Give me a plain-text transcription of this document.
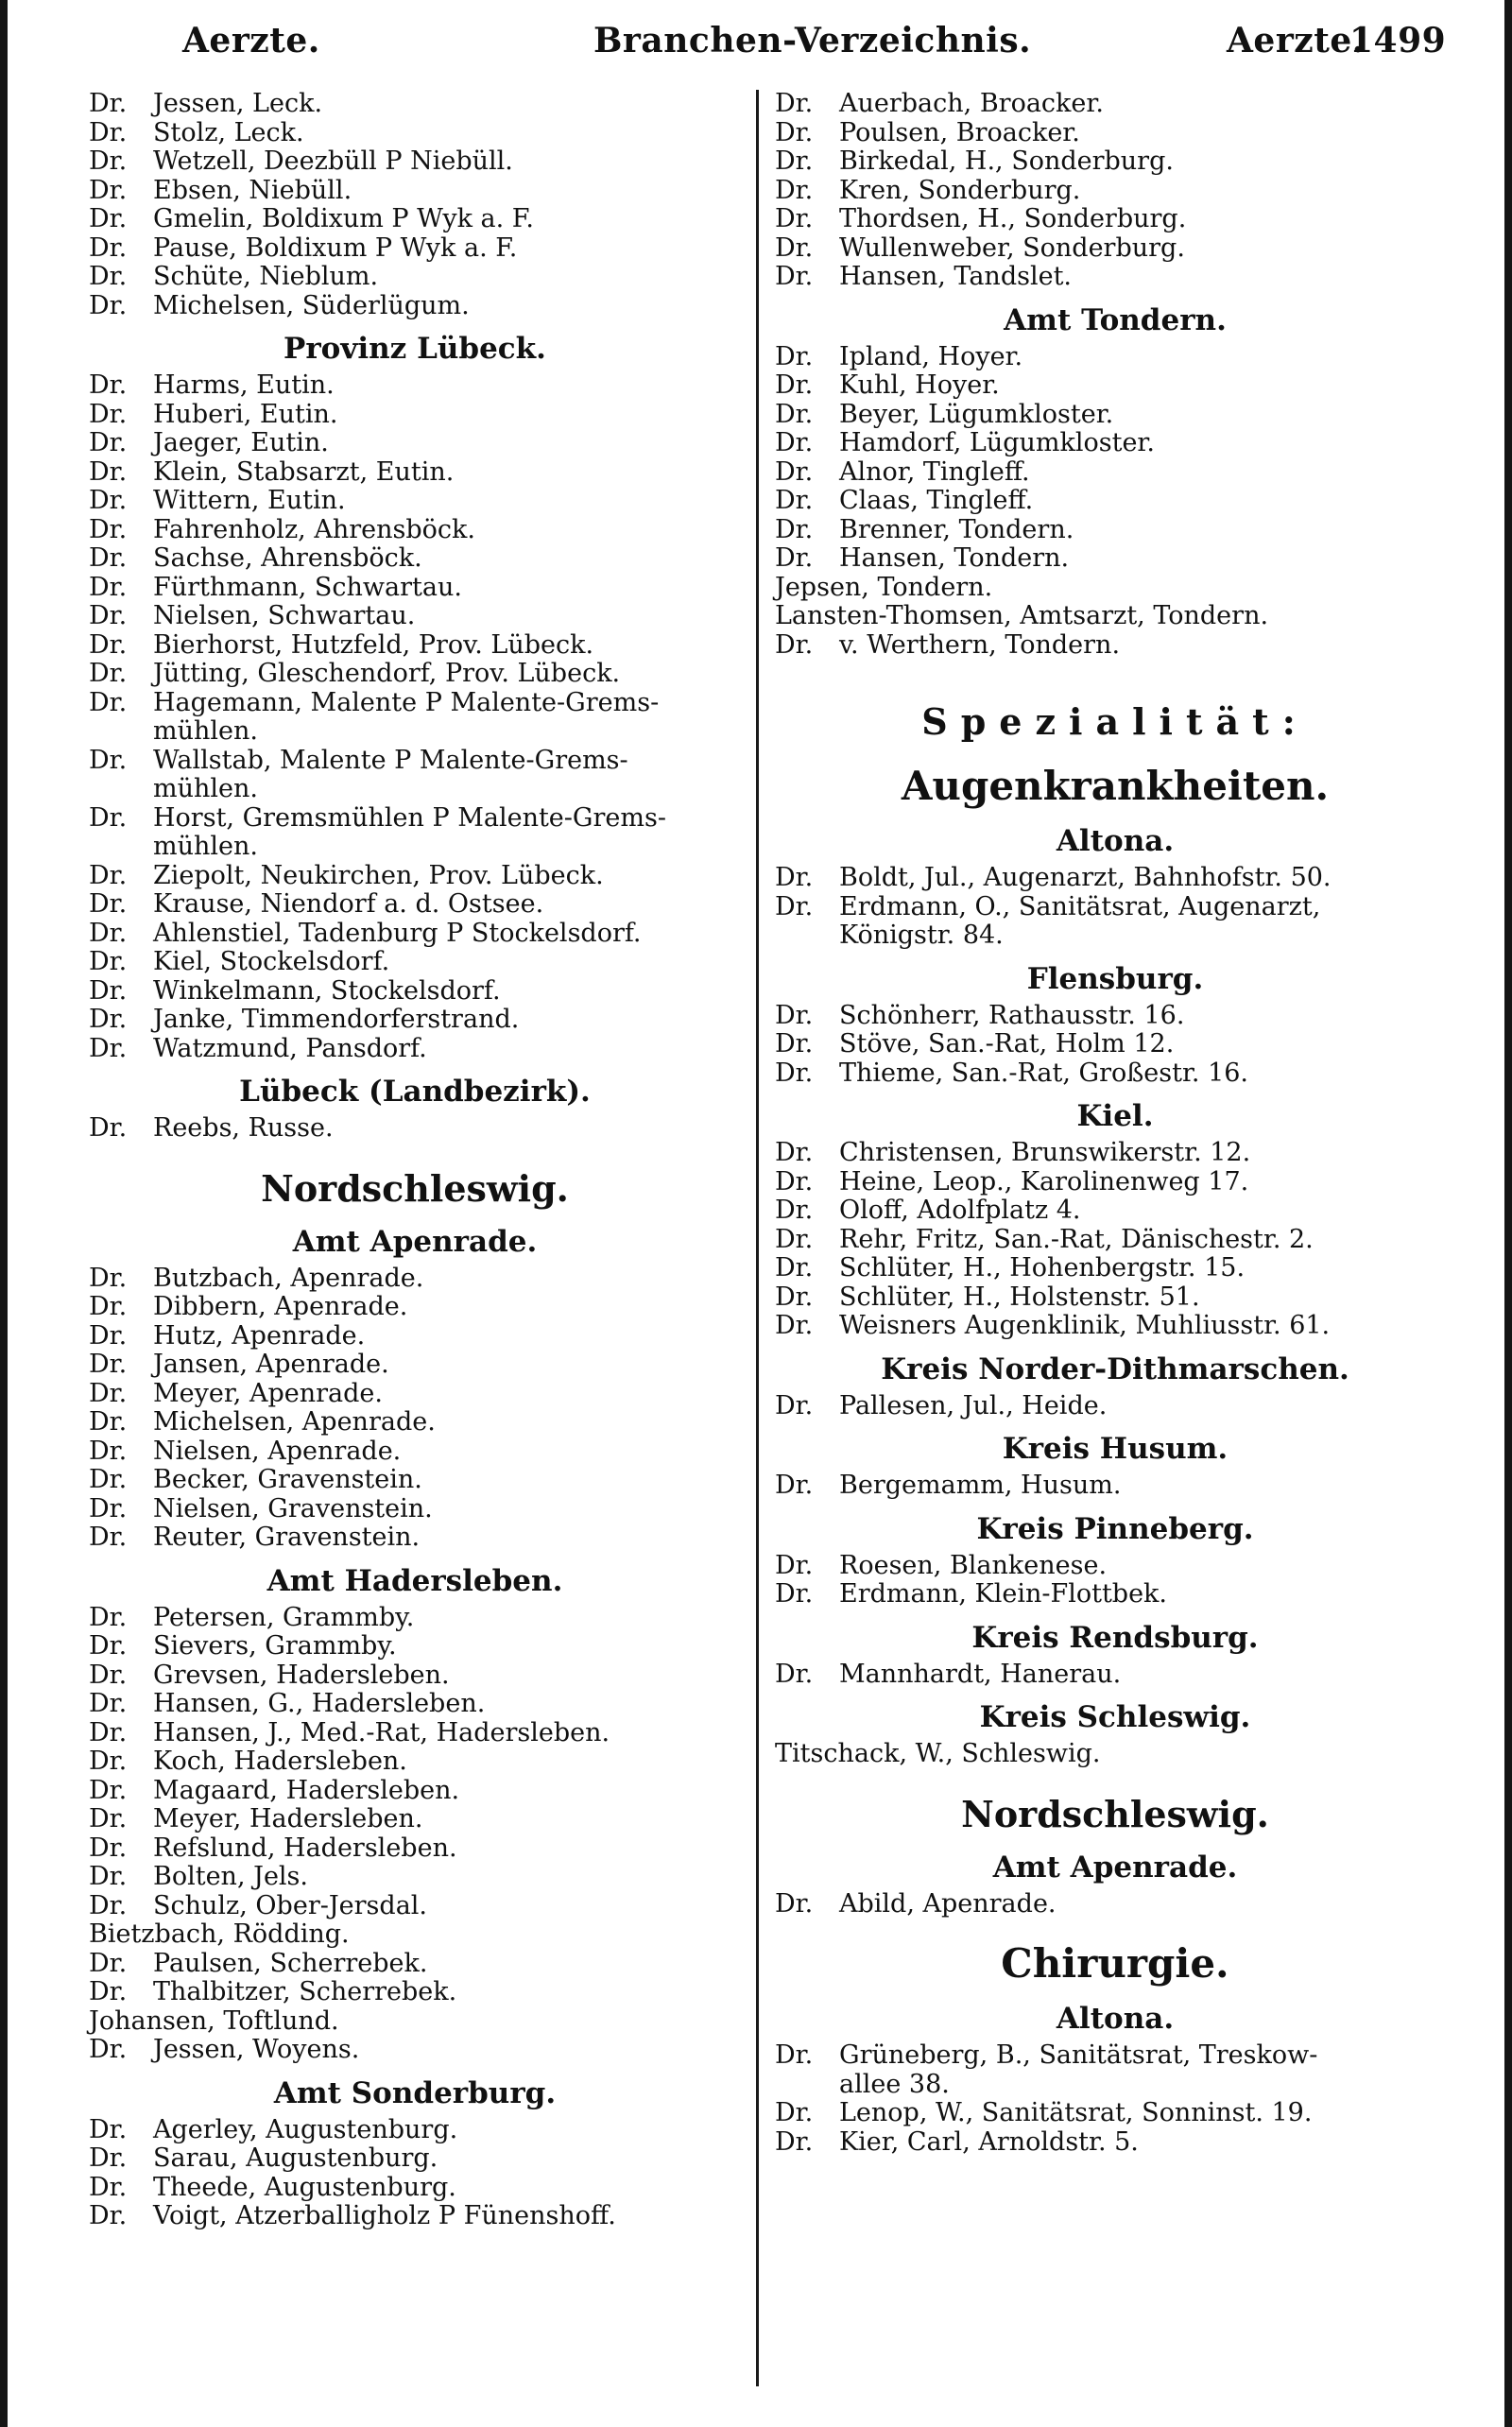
Aerzte.	Branchen-Verzeichnis.	Aerzte.
1499
Dr. Jessen, Leck.
Dr. Stolz, Leck.
Dr. Wetzell, Deezbüll P Niebüll.
Dr. Ebsen, Niebüll.
Dr. Gmelin, Boldixum P Wyk a. F.
Dr. Pause, Boldixum P Wyk a. F.
Dr. Schüte, Nieblum.
Dr. Michelsen, Süderlügum.
Provinz Lübeck.
Dr. Harms, Eutin.
Dr. Huberi, Eutin.
Dr. Jaeger, Eutin.
Dr. Klein, Stabsarzt, Eutin.
Dr. Wittern, Eutin.
Dr. Fahrenholz, Ahrensböck.
Dr. Sachse, Ahrensböck.
Dr. Fürthmann, Schwartau.
Dr. Nielsen, Schwartau.
Dr. Bierhorst, Hutzfeld, Prov. Lübeck.
Dr. Jütting, Gleschendorf, Prov. Lübeck.
Dr. Hagemann, Malente P Malente-Grems-
mühlen.
Dr. Wallstab, Malente P Malente-Grems-
mühlen.
Dr. Horst, Gremsmühlen P Malente-Grems-
mühlen.
Dr. Ziepolt, Neukirchen, Prov. Lübeck.
Dr. Krause, Niendorf a. d. Ostsee.
Dr. Ahlenstiel, Tadenburg P Stockelsdorf.
Dr. Kiel, Stockelsdorf.
Dr. Winkelmann, Stockelsdorf.
Dr. Janke, Timmendorferstrand.
Dr. Watzmund, Pansdorf.
Lübeck (Landbezirk).
Dr. Reebs, Russe.
Nordschleswig.
Amt Apenrade.
Dr. Butzbach, Apenrade.
Dr. Dibbern, Apenrade.
Dr. Hutz, Apenrade.
Dr. Jansen, Apenrade.
Dr. Meyer, Apenrade.
Dr. Michelsen, Apenrade.
Dr. Nielsen, Apenrade.
Dr. Becker, Gravenstein.
Dr. Nielsen, Gravenstein.
Dr. Reuter, Gravenstein.
Amt Hadersleben.
Dr. Petersen, Grammby.
Dr. Sievers, Grammby.
Dr. Grevsen, Hadersleben.
Dr. Hansen, G., Hadersleben.
Dr. Hansen, J., Med.-Rat, Hadersleben.
Dr. Koch, Hadersleben.
Dr. Magaard, Hadersleben.
Dr. Meyer, Hadersleben.
Dr. Refslund, Hadersleben.
Dr. Bolten, Jels.
Dr. Schulz, Ober-Jersdal.
Bietzbach, Rödding.
Dr. Paulsen, Scherrebek.
Dr. Thalbitzer, Scherrebek.
Johansen, Toftlund.
Dr. Jessen, Woyens.
Amt Sonderburg.
Dr. Agerley, Augustenburg.
Dr. Sarau, Augustenburg.
Dr. Theede, Augustenburg.
Dr. Voigt, Atzerballigholz P Fünenshoff.
Dr. Auerbach, Broacker.
Dr. Poulsen, Broacker.
Dr. Birkedal, H., Sonderburg.
Dr. Kren, Sonderburg.
Dr. Thordsen, H., Sonderburg.
Dr. Wullenweber, Sonderburg.
Dr. Hansen, Tandslet.
Amt Tondern.
Dr. Ipland, Hoyer.
Dr. Kuhl, Hoyer.
Dr. Beyer, Lügumkloster.
Dr. Hamdorf, Lügumkloster.
Dr. Alnor, Tingleff.
Dr. Claas, Tingleff.
Dr. Brenner, Tondern.
Dr. Hansen, Tondern.
Jepsen, Tondern.
Lansten-Thomsen, Amtsarzt, Tondern.
Dr. v. Werthern, Tondern.
Spezialität:
Augenkrankheiten.
Altona.
Dr. Boldt, Jul., Augenarzt, Bahnhofstr. 50.
Dr. Erdmann, O., Sanitätsrat, Augenarzt,
Königstr. 84.
Flensburg.
Dr. Schönherr, Rathausstr. 16.
Dr. Stöve, San.-Rat, Holm 12.
Dr. Thieme, San.-Rat, Großestr. 16.
Kiel.
Dr. Christensen, Brunswikerstr. 12.
Dr. Heine, Leop., Karolinenweg 17.
Dr. Oloff, Adolfplatz 4.
Dr. Rehr, Fritz, San.-Rat, Dänischestr. 2.
Dr. Schlüter, H., Hohenbergstr. 15.
Dr. Schlüter, H., Holstenstr. 51.
Dr. Weisners Augenklinik, Muhliusstr. 61.
Kreis Norder-Dithmarschen.
Dr. Pallesen, Jul., Heide.
Kreis Husum.
Dr. Bergemamm, Husum.
Kreis Pinneberg.
Dr. Roesen, Blankenese.
Dr. Erdmann, Klein-Flottbek.
Kreis Rendsburg.
Dr. Mannhardt, Hanerau.
Kreis Schleswig.
Titschack, W., Schleswig.
Nordschleswig.
Amt Apenrade.
Dr. Abild, Apenrade.
Chirurgie.
Altona.
Dr. Grüneberg, B., Sanitätsrat, Treskow-
allee 38.
Dr. Lenop, W., Sanitätsrat, Sonninst. 19.
Dr. Kier, Carl, Arnoldstr. 5.
